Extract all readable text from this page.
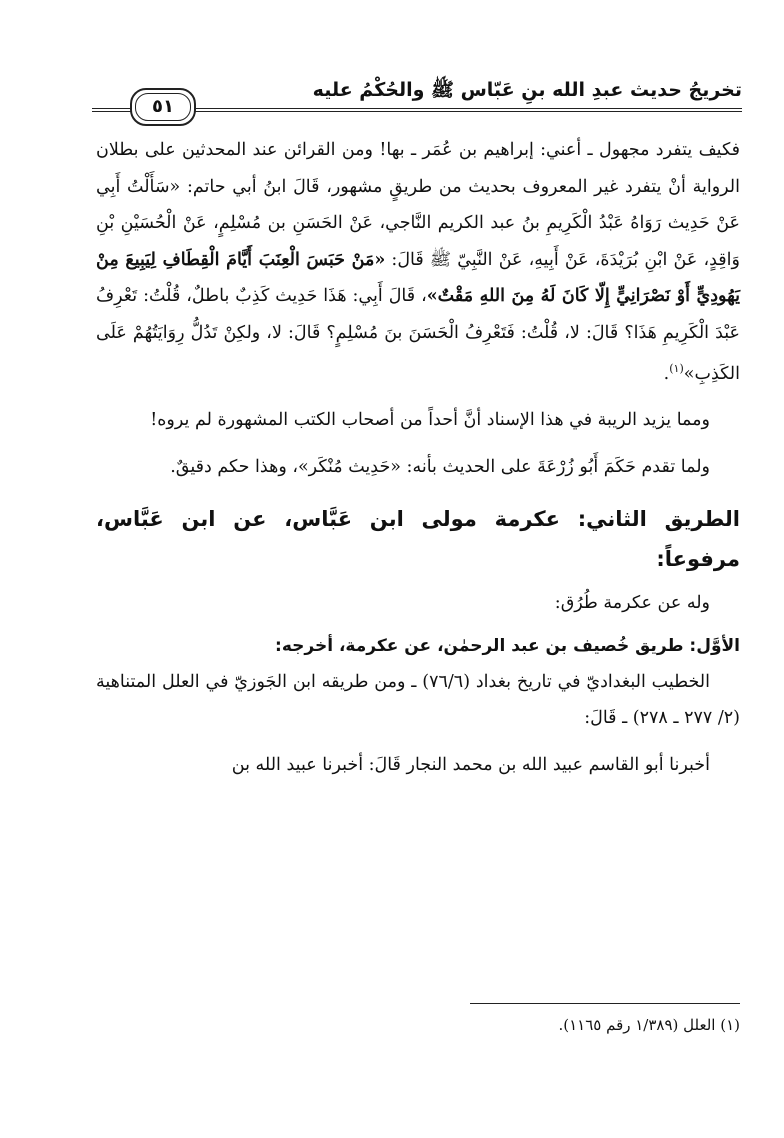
تخريجُ حديث عبدِ الله بنِ عَبّاس ﷺ والحُكْمُ عليه
٥١

فكيف يتفرد مجهول ـ أعني: إبراهيم بن عُمَر ـ بها! ومن القرائن عند المحدثين على بطلان الرواية أنْ يتفرد غير المعروف بحديث من طريقٍ مشهور، قَالَ ابنُ أبي حاتم: «سَأَلْتُ أَبِي عَنْ حَدِيث رَوَاهُ عَبْدُ الْكَرِيمِ بنُ عبد الكريم النَّاجي، عَنْ الحَسَنِ بن مُسْلِمٍ، عَنْ الْحُسَيْنِ بْنِ وَاقِدٍ، عَنْ ابْنِ بُرَيْدَةَ، عَنْ أَبِيهِ، عَنْ النَّبِيّ ﷺ قَالَ: «مَنْ حَبَسَ الْعِنَبَ أَيَّامَ الْقِطَافِ لِيَبِيعَ مِنْ يَهُودِيٍّ أَوْ نَصْرَانِيٍّ إِلّا كَانَ لَهُ مِنَ اللهِ مَقْتٌ»، قَالَ أَبِي: هَذَا حَدِيث كَذِبٌ باطلٌ، قُلْتُ: تَعْرِفُ عَبْدَ الْكَرِيمِ هَذَا؟ قَالَ: لا، قُلْتُ: فَتَعْرِفُ الْحَسَنَ بنَ مُسْلِمٍ؟ قَالَ: لا، ولكِنْ تَدُلُّ رِوَايَتُهُمْ عَلَى الكَذِبِ»$^{(١)}$.

ومما يزيد الريبة في هذا الإسناد أنَّ أحداً من أصحاب الكتب المشهورة لم يروه!

ولما تقدم حَكَمَ أَبُو زُرْعَةَ على الحديث بأنه: «حَدِيث مُنْكَر»، وهذا حكم دقيقٌ.

الطريق الثاني: عكرمة مولى ابن عَبَّاس، عن ابن عَبَّاس، مرفوعاً:

وله عن عكرمة طُرُق:

الأوَّل: طريق خُصيف بن عبد الرحمٰن، عن عكرمة، أخرجه:

الخطيب البغداديّ في تاريخ بغداد (٧٦/٦) ـ ومن طريقه ابن الجَوزيّ في العلل المتناهية (٢/ ٢٧٧ ـ ٢٧٨) ـ قَالَ:

أخبرنا أبو القاسم عبيد الله بن محمد النجار قَالَ: أخبرنا عبيد الله بن

(١) العلل (١/٣٨٩ رقم ١١٦٥).
